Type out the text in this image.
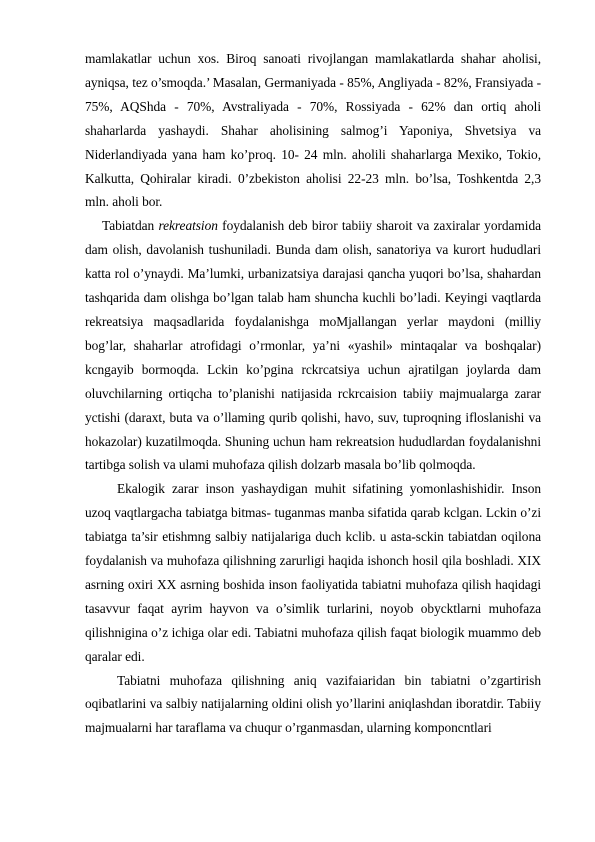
mamlakatlar uchun xos. Biroq sanoati rivojlangan mamlakatlarda shahar aholisi, ayniqsa, tez o’smoqda.’ Masalan, Germaniyada - 85%, Angliyada - 82%, Fransiyada - 75%, AQShda - 70%, Avstraliyada - 70%, Rossiyada - 62% dan ortiq aholi shaharlarda yashaydi. Shahar aholisining salmog’i Yaponiya, Shvetsiya va Niderlandiyada yana ham ko’proq. 10- 24 mln. aholili shaharlarga Mexiko, Tokio, Kalkutta, Qohiralar kiradi. 0’zbekiston aholisi 22-23 mln. bo’lsa, Toshkentda 2,3 mln. aholi bor.

Tabiatdan rekreatsion foydalanish deb biror tabiiy sharoit va zaxiralar yordamida dam olish, davolanish tushuniladi. Bunda dam olish, sanatoriya va kurort hududlari katta rol o’ynaydi. Ma’lumki, urbanizatsiya darajasi qancha yuqori bo’lsa, shahardan tashqarida dam olishga bo’lgan talab ham shuncha kuchli bo’ladi. Keyingi vaqtlarda rekreatsiya maqsadlarida foydalanishga moMjallangan yerlar maydoni (milliy bog’lar, shaharlar atrofidagi o’rmonlar, ya’ni «yashil» mintaqalar va boshqalar) kcngayib bormoqda. Lckin ko’pgina rckrcatsiya uchun ajratilgan joylarda dam oluvchilarning ortiqcha to’planishi natijasida rckrcaision tabiiy majmualarga zarar yctishi (daraxt, buta va o’llaming qurib qolishi, havo, suv, tuproqning ifloslanishi va hokazolar) kuzatilmoqda. Shuning uchun ham rekreatsion hududlardan foydalanishni tartibga solish va ulami muhofaza qilish dolzarb masala bo’lib qolmoqda.

Ekalogik zarar inson yashaydigan muhit sifatining yomonlashishidir. Inson uzoq vaqtlargacha tabiatga bitmas- tuganmas manba sifatida qarab kclgan. Lckin o’zi tabiatga ta’sir etishmng salbiy natijalariga duch kclib. u asta-sckin tabiatdan oqilona foydalanish va muhofaza qilishning zarurligi haqida ishonch hosil qila boshladi. XIX asrning oxiri XX asrning boshida inson faoliyatida tabiatni muhofaza qilish haqidagi tasavvur faqat ayrim hayvon va o’simlik turlarini, noyob obycktlarni muhofaza qilishnigina o’z ichiga olar edi. Tabiatni muhofaza qilish faqat biologik muammo deb qaralar edi.

Tabiatni muhofaza qilishning aniq vazifaiaridan bin tabiatni o’zgartirish oqibatlarini va salbiy natijalarning oldini olish yo’llarini aniqlashdan iboratdir. Tabiiy majmualarni har taraflama va chuqur o’rganmasdan, ularning komponcntlari
